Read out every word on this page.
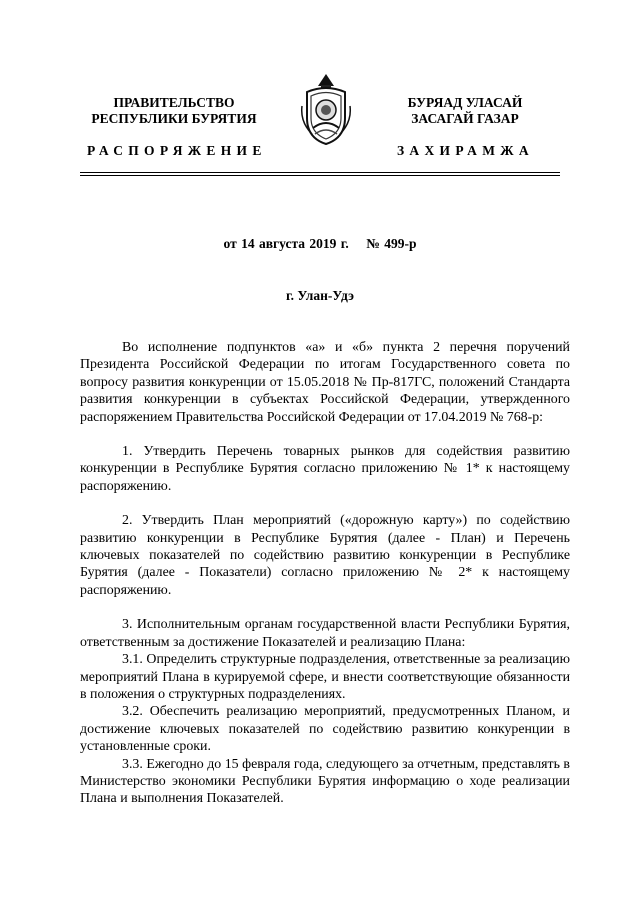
ПРАВИТЕЛЬСТВО
РЕСПУБЛИКИ БУРЯТИЯ
БУРЯАД УЛАСАЙ
ЗАСАГАЙ ГАЗАР
РАСПОРЯЖЕНИЕ	ЗАХИРАМЖА
от 14 августа 2019 г.    № 499-р
г. Улан-Удэ

Во исполнение подпунктов «а» и «б» пункта 2 перечня поручений Президента Российской Федерации по итогам Государственного совета по вопросу развития конкуренции от 15.05.2018 № Пр-817ГС, положений Стандарта развития конкуренции в субъектах Российской Федерации, утвержденного распоряжением Правительства Российской Федерации от 17.04.2019 № 768-р:

1. Утвердить Перечень товарных рынков для содействия развитию конкуренции в Республике Бурятия согласно приложению № 1* к настоящему распоряжению.

2. Утвердить План мероприятий («дорожную карту») по содействию развитию конкуренции в Республике Бурятия (далее - План) и Перечень ключевых показателей по содействию развитию конкуренции в Республике Бурятия (далее - Показатели) согласно приложению № 2* к настоящему распоряжению.

3. Исполнительным органам государственной власти Республики Бурятия, ответственным за достижение Показателей и реализацию Плана:

3.1. Определить структурные подразделения, ответственные за реализацию мероприятий Плана в курируемой сфере, и внести соответствующие обязанности в положения о структурных подразделениях.

3.2. Обеспечить реализацию мероприятий, предусмотренных Планом, и достижение ключевых показателей по содействию развитию конкуренции в установленные сроки.

3.3. Ежегодно до 15 февраля года, следующего за отчетным, представлять в Министерство экономики Республики Бурятия информацию о ходе реализации Плана и выполнения Показателей.
